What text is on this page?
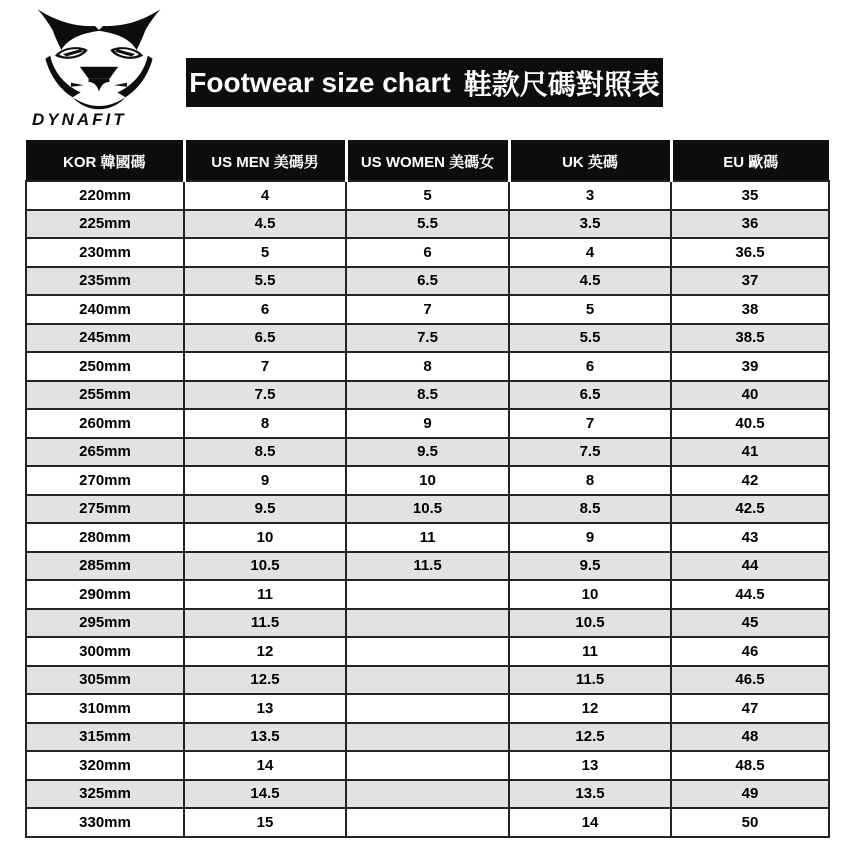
DYNAFIT
Footwear size chart 鞋款尺碼對照表
KOR 韓國碼	US MEN 美碼男	US WOMEN 美碼女	UK 英碼	EU 歐碼
220mm	4	5	3	35
225mm	4.5	5.5	3.5	36
230mm	5	6	4	36.5
235mm	5.5	6.5	4.5	37
240mm	6	7	5	38
245mm	6.5	7.5	5.5	38.5
250mm	7	8	6	39
255mm	7.5	8.5	6.5	40
260mm	8	9	7	40.5
265mm	8.5	9.5	7.5	41
270mm	9	10	8	42
275mm	9.5	10.5	8.5	42.5
280mm	10	11	9	43
285mm	10.5	11.5	9.5	44
290mm	11		10	44.5
295mm	11.5		10.5	45
300mm	12		11	46
305mm	12.5		11.5	46.5
310mm	13		12	47
315mm	13.5		12.5	48
320mm	14		13	48.5
325mm	14.5		13.5	49
330mm	15		14	50
